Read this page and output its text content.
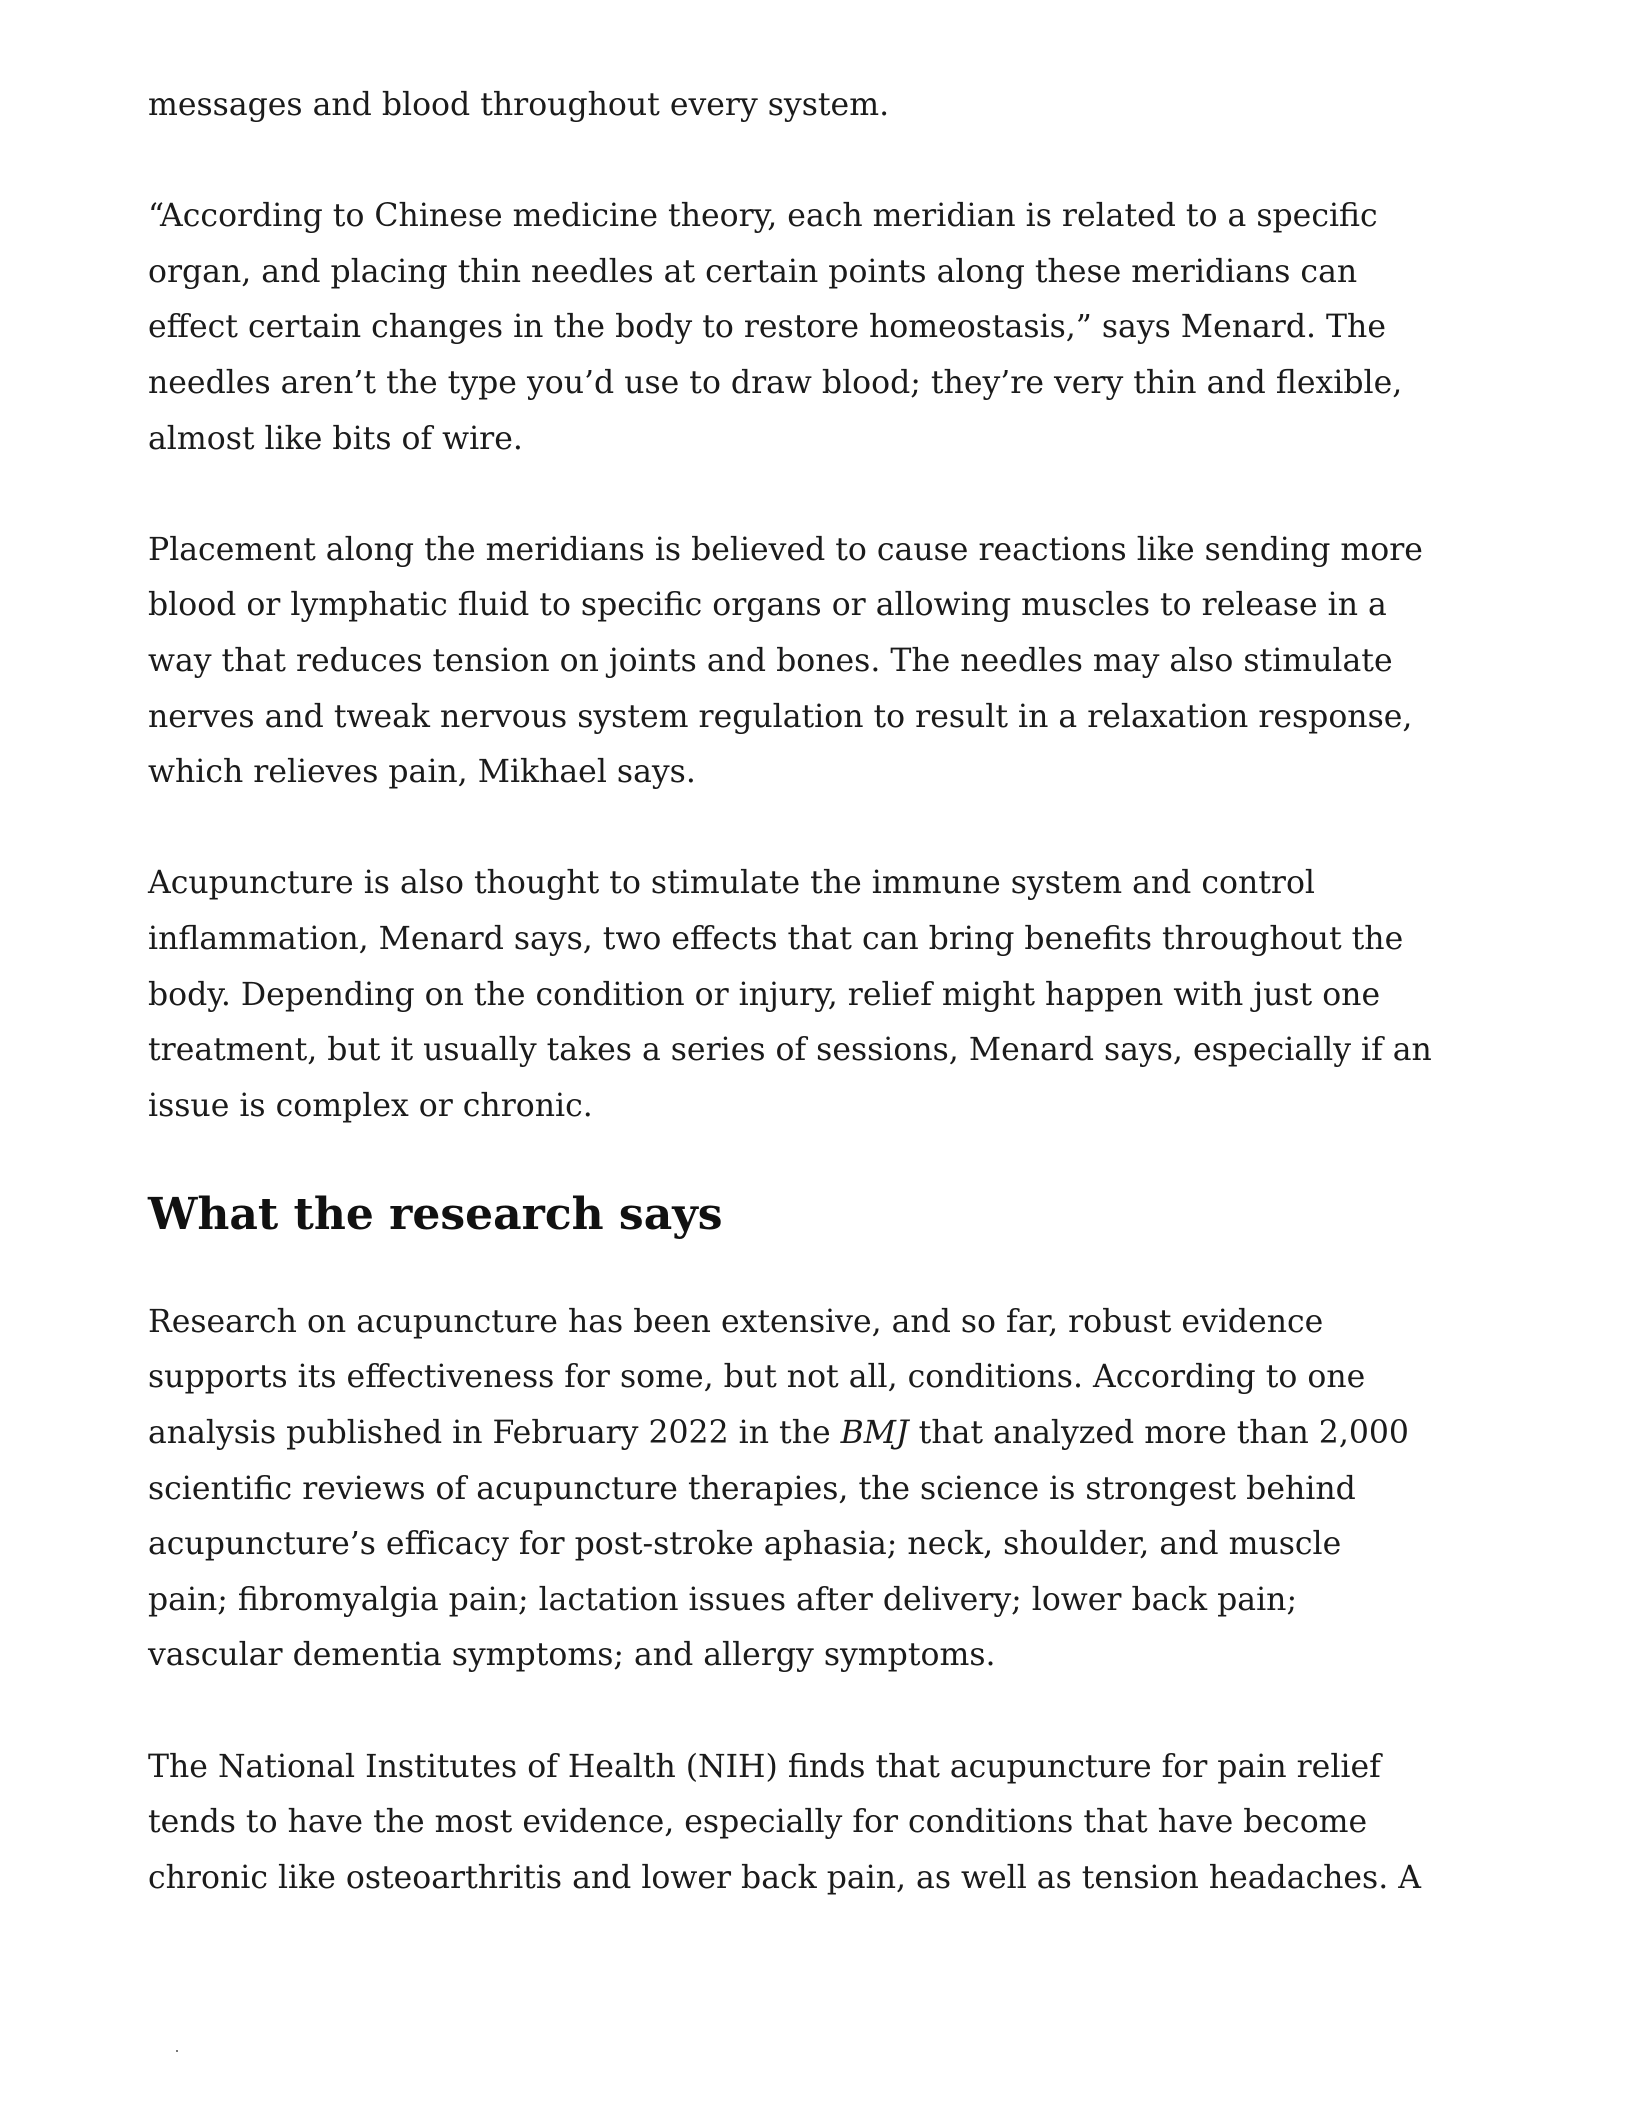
messages and blood throughout every system.

“According to Chinese medicine theory, each meridian is related to a specific
organ, and placing thin needles at certain points along these meridians can
effect certain changes in the body to restore homeostasis,” says Menard. The
needles aren’t the type you’d use to draw blood; they’re very thin and flexible,
almost like bits of wire.

Placement along the meridians is believed to cause reactions like sending more
blood or lymphatic fluid to specific organs or allowing muscles to release in a
way that reduces tension on joints and bones. The needles may also stimulate
nerves and tweak nervous system regulation to result in a relaxation response,
which relieves pain, Mikhael says.

Acupuncture is also thought to stimulate the immune system and control
inflammation, Menard says, two effects that can bring benefits throughout the
body. Depending on the condition or injury, relief might happen with just one
treatment, but it usually takes a series of sessions, Menard says, especially if an
issue is complex or chronic.

What the research says

Research on acupuncture has been extensive, and so far, robust evidence
supports its effectiveness for some, but not all, conditions. According to one
analysis published in February 2022 in the BMJ that analyzed more than 2,000
scientific reviews of acupuncture therapies, the science is strongest behind
acupuncture’s efficacy for post-stroke aphasia; neck, shoulder, and muscle
pain; fibromyalgia pain; lactation issues after delivery; lower back pain;
vascular dementia symptoms; and allergy symptoms.

The National Institutes of Health (NIH) finds that acupuncture for pain relief
tends to have the most evidence, especially for conditions that have become
chronic like osteoarthritis and lower back pain, as well as tension headaches. A
